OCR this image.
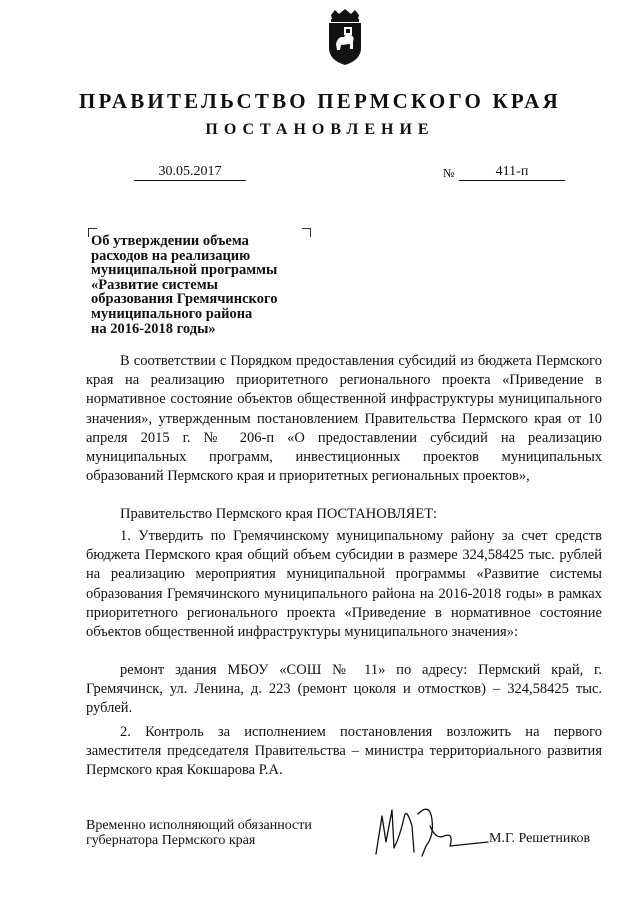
ПРАВИТЕЛЬСТВО ПЕРМСКОГО КРАЯ
ПОСТАНОВЛЕНИЕ
30.05.2017	№	411-п
Об утверждении объема
расходов на реализацию
муниципальной программы
«Развитие системы
образования Гремячинского
муниципального района
на 2016-2018 годы»
В соответствии с Порядком предоставления субсидий из бюджета Пермского края на реализацию приоритетного регионального проекта «Приведение в нормативное состояние объектов общественной инфраструктуры муниципального значения», утвержденным постановлением Правительства Пермского края от 10 апреля 2015 г. № 206-п «О предоставлении субсидий на реализацию муниципальных программ, инвестиционных проектов муниципальных образований Пермского края и приоритетных региональных проектов»,
Правительство Пермского края ПОСТАНОВЛЯЕТ:
1. Утвердить по Гремячинскому муниципальному району за счет средств бюджета Пермского края общий объем субсидии в размере 324,58425 тыс. рублей на реализацию мероприятия муниципальной программы «Развитие системы образования Гремячинского муниципального района на 2016-2018 годы» в рамках приоритетного регионального проекта «Приведение в нормативное состояние объектов общественной инфраструктуры муниципального значения»:
ремонт здания МБОУ «СОШ № 11» по адресу: Пермский край, г. Гремячинск, ул. Ленина, д. 223 (ремонт цоколя и отмостков) – 324,58425 тыс. рублей.
2. Контроль за исполнением постановления возложить на первого заместителя председателя Правительства – министра территориального развития Пермского края Кокшарова Р.А.
Временно исполняющий обязанности
губернатора Пермского края	М.Г. Решетников
